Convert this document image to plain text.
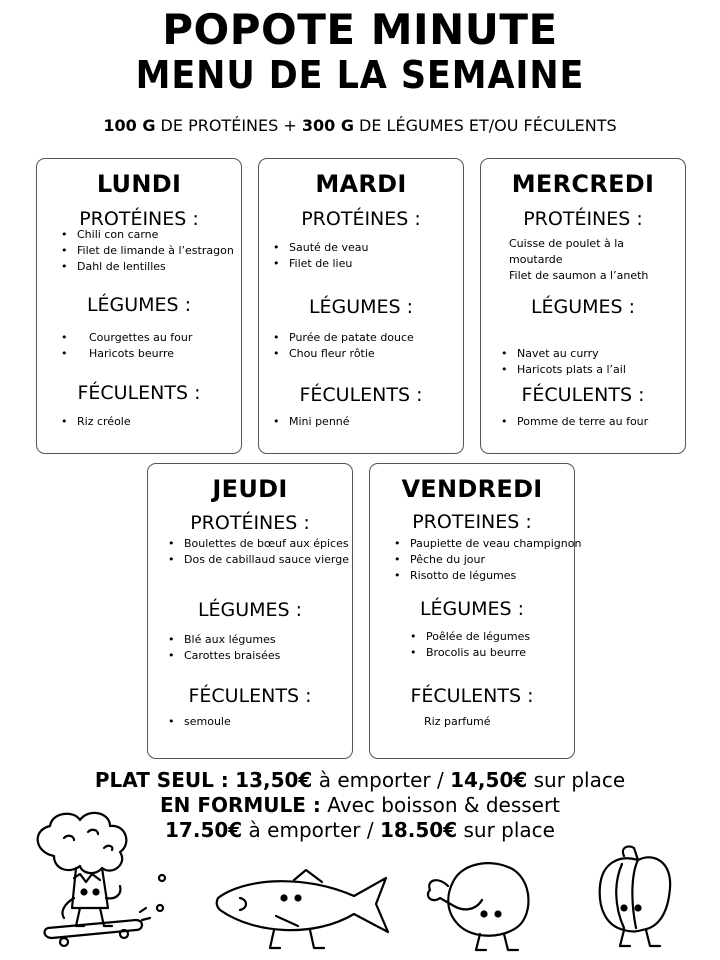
POPOTE MINUTE
MENU DE LA SEMAINE
100 G DE PROTÉINES + 300 G DE LÉGUMES ET/OU FÉCULENTS
LUNDI
PROTÉINES :
• Chili con carne
• Filet de limande à l’estragon
• Dahl de lentilles
LÉGUMES :
• Courgettes au four
• Haricots beurre
FÉCULENTS :
• Riz créole
MARDI
PROTÉINES :
• Sauté de veau
• Filet de lieu
LÉGUMES :
• Purée de patate douce
• Chou fleur rôtie
FÉCULENTS :
• Mini penné
MERCREDI
PROTÉINES :
Cuisse de poulet à la
moutarde
Filet de saumon a l’aneth
LÉGUMES :
• Navet au curry
• Haricots plats a l’ail
FÉCULENTS :
• Pomme de terre au four
JEUDI
PROTÉINES :
• Boulettes de bœuf aux épices
• Dos de cabillaud sauce vierge
LÉGUMES :
• Blé aux légumes
• Carottes braisées
FÉCULENTS :
• semoule
VENDREDI
PROTEINES :
• Paupiette de veau champignon
• Pêche du jour
• Risotto de légumes
LÉGUMES :
• Poêlée de légumes
• Brocolis au beurre
FÉCULENTS :
Riz parfumé
PLAT SEUL : 13,50€ à emporter / 14,50€ sur place
EN FORMULE : Avec boisson & dessert
17.50€ à emporter / 18.50€ sur place
